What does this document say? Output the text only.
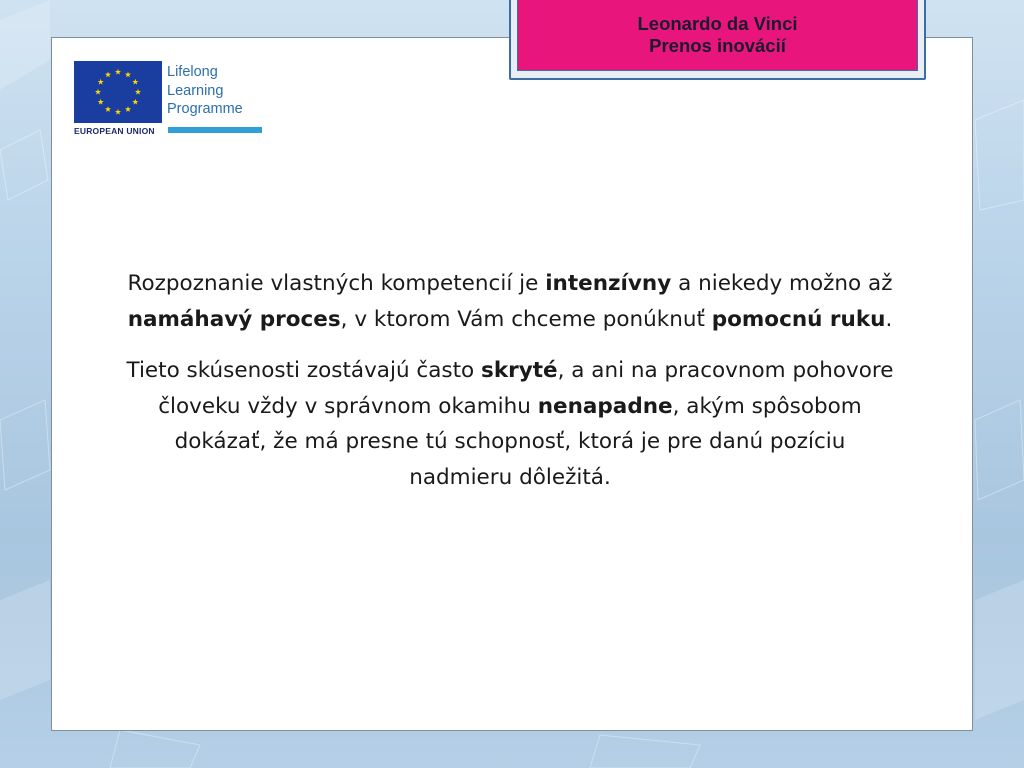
Lifelong
Learning
Programme
EUROPEAN UNION
Leonardo da Vinci
Prenos inovácií

Rozpoznanie vlastných kompetencií je intenzívny a niekedy možno až namáhavý proces, v ktorom Vám chceme ponúknuť pomocnú ruku.

Tieto skúsenosti zostávajú často skryté, a ani na pracovnom pohovore človeku vždy v správnom okamihu nenapadne, akým spôsobom dokázať, že má presne tú schopnosť, ktorá je pre danú pozíciu nadmieru dôležitá.
